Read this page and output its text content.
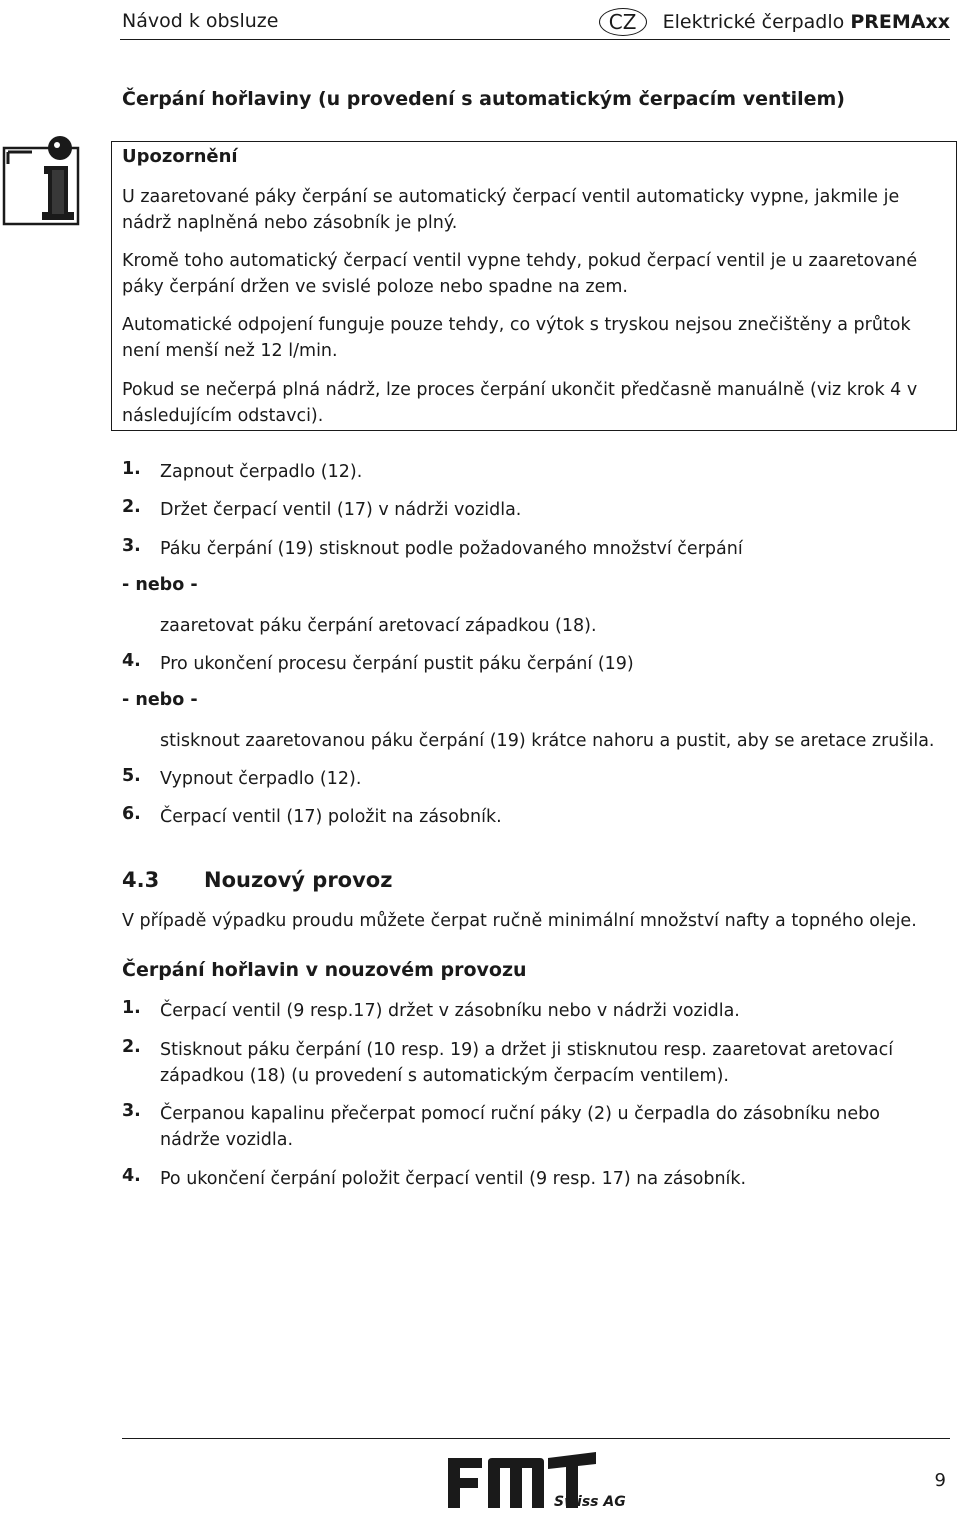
Návod k obsluze	CZ	Elektrické čerpadlo
PREMAxx
Čerpání hořlaviny (u provedení s automatickým čerpacím ventilem)
Upozornění
U zaaretované páky čerpání se automatický čerpací ventil automaticky vypne, jakmile je nádrž naplněná nebo zásobník je plný.
Kromě toho automatický čerpací ventil vypne tehdy, pokud čerpací ventil je u zaaretované páky čerpání držen ve svislé poloze nebo spadne na zem.
Automatické odpojení funguje pouze tehdy, co výtok s tryskou nejsou znečištěny a průtok není menší než 12 l/min.
Pokud se nečerpá plná nádrž, lze proces čerpání ukončit předčasně manuálně (viz krok 4 v následujícím odstavci).
1. Zapnout čerpadlo (12).
2. Držet čerpací ventil (17) v nádrži vozidla.
3. Páku čerpání (19) stisknout podle požadovaného množství čerpání
- nebo -
zaaretovat páku čerpání aretovací západkou (18).
4. Pro ukončení procesu čerpání pustit páku čerpání (19)
- nebo -
stisknout zaaretovanou páku čerpání (19) krátce nahoru a pustit, aby se aretace zrušila.
5. Vypnout čerpadlo (12).
6. Čerpací ventil (17) položit na zásobník.
4.3 Nouzový provoz
V případě výpadku proudu můžete čerpat ručně minimální množství nafty a topného oleje.
Čerpání hořlavin v nouzovém provozu
1. Čerpací ventil (9 resp.17) držet v zásobníku nebo v nádrži vozidla.
2. Stisknout páku čerpání (10 resp. 19) a držet ji stisknutou resp. zaaretovat aretovací západkou (18) (u provedení s automatickým čerpacím ventilem).
3. Čerpanou kapalinu přečerpat pomocí ruční páky (2) u čerpadla do zásobníku nebo nádrže vozidla.
4. Po ukončení čerpání položit čerpací ventil (9 resp. 17) na zásobník.
Swiss AG
9
